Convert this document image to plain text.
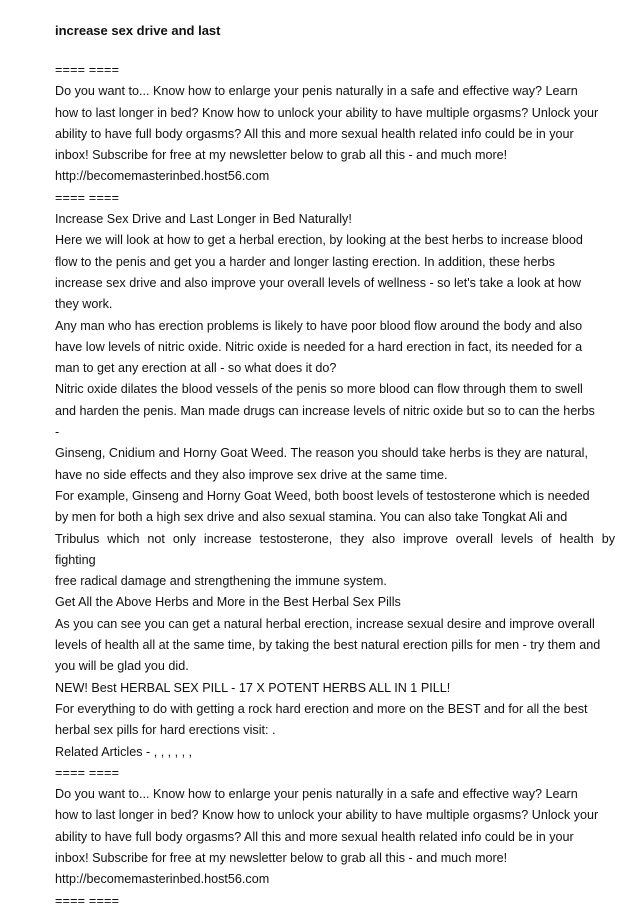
increase sex drive and last
==== ====
Do you want to... Know how to enlarge your penis naturally in a safe and effective way? Learn
how to last longer in bed? Know how to unlock your ability to have multiple orgasms? Unlock your
ability to have full body orgasms? All this and more sexual health related info could be in your
inbox! Subscribe for free at my newsletter below to grab all this - and much more!
http://becomemasterinbed.host56.com
==== ====
Increase Sex Drive and Last Longer in Bed Naturally!
Here we will look at how to get a herbal erection, by looking at the best herbs to increase blood
flow to the penis and get you a harder and longer lasting erection. In addition, these herbs
increase sex drive and also improve your overall levels of wellness - so let's take a look at how
they work.
Any man who has erection problems is likely to have poor blood flow around the body and also
have low levels of nitric oxide. Nitric oxide is needed for a hard erection in fact, its needed for a
man to get any erection at all - so what does it do?
Nitric oxide dilates the blood vessels of the penis so more blood can flow through them to swell
and harden the penis. Man made drugs can increase levels of nitric oxide but so to can the herbs
-
Ginseng, Cnidium and Horny Goat Weed. The reason you should take herbs is they are natural,
have no side effects and they also improve sex drive at the same time.
For example, Ginseng and Horny Goat Weed, both boost levels of testosterone which is needed
by men for both a high sex drive and also sexual stamina. You can also take Tongkat Ali and
Tribulus which not only increase testosterone, they also improve overall levels of health by
fighting
free radical damage and strengthening the immune system.
Get All the Above Herbs and More in the Best Herbal Sex Pills
As you can see you can get a natural herbal erection, increase sexual desire and improve overall
levels of health all at the same time, by taking the best natural erection pills for men - try them and
you will be glad you did.
NEW! Best HERBAL SEX PILL - 17 X POTENT HERBS ALL IN 1 PILL!
For everything to do with getting a rock hard erection and more on the BEST and for all the best
herbal sex pills for hard erections visit: .
Related Articles - , , , , , ,
==== ====
Do you want to... Know how to enlarge your penis naturally in a safe and effective way? Learn
how to last longer in bed? Know how to unlock your ability to have multiple orgasms? Unlock your
ability to have full body orgasms? All this and more sexual health related info could be in your
inbox! Subscribe for free at my newsletter below to grab all this - and much more!
http://becomemasterinbed.host56.com
==== ====
